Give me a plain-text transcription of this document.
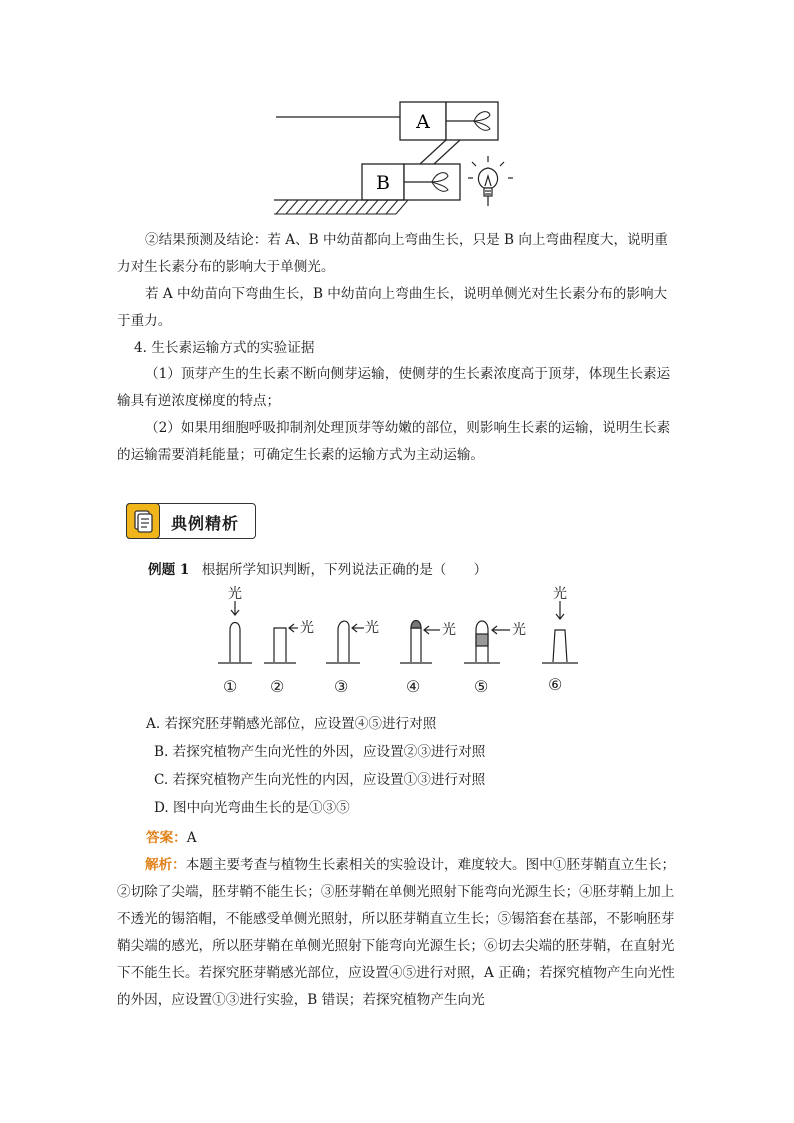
A
B
②结果预测及结论：若 A、B 中幼苗都向上弯曲生长，只是 B 向上弯曲程度大，说明重力对生长素分布的影响大于单侧光。
若 A 中幼苗向下弯曲生长，B 中幼苗向上弯曲生长，说明单侧光对生长素分布的影响大于重力。
4. 生长素运输方式的实验证据
（1）顶芽产生的生长素不断向侧芽运输，使侧芽的生长素浓度高于顶芽，体现生长素运输具有逆浓度梯度的特点；
（2）如果用细胞呼吸抑制剂处理顶芽等幼嫩的部位，则影响生长素的运输，说明生长素的运输需要消耗能量；可确定生长素的运输方式为主动运输。
典例精析
例题 1 根据所学知识判断，下列说法正确的是（　　）
光
光	光	光	光
光
① ②	③	④	⑤	⑥
A. 若探究胚芽鞘感光部位，应设置④⑤进行对照
B. 若探究植物产生向光性的外因，应设置②③进行对照
C. 若探究植物产生向光性的内因，应设置①③进行对照
D. 图中向光弯曲生长的是①③⑤
答案：A
解析：本题主要考查与植物生长素相关的实验设计，难度较大。图中①胚芽鞘直立生长；②切除了尖端，胚芽鞘不能生长；③胚芽鞘在单侧光照射下能弯向光源生长；④胚芽鞘上加上不透光的锡箔帽，不能感受单侧光照射，所以胚芽鞘直立生长；⑤锡箔套在基部，不影响胚芽鞘尖端的感光，所以胚芽鞘在单侧光照射下能弯向光源生长；⑥切去尖端的胚芽鞘，在直射光下不能生长。若探究胚芽鞘感光部位，应设置④⑤进行对照，A 正确；若探究植物产生向光性的外因，应设置①③进行实验，B 错误；若探究植物产生向光
